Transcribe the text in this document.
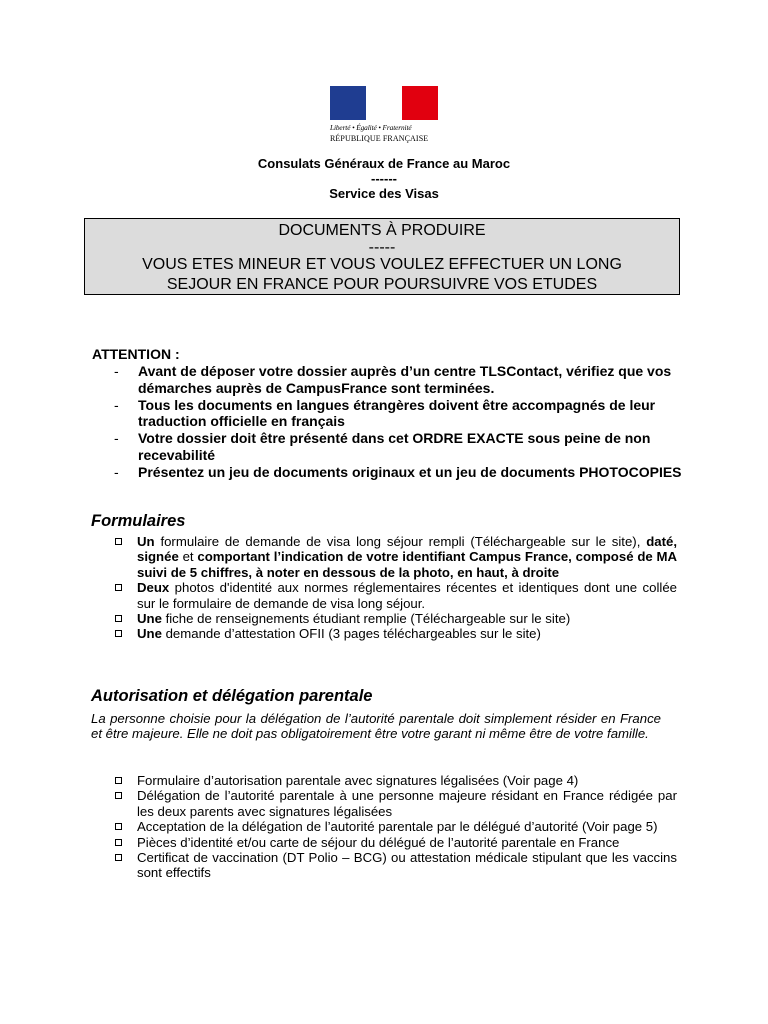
Liberté • Égalité • Fraternité
RÉPUBLIQUE FRANÇAISE
Consulats Généraux de France au Maroc
------
Service des Visas
DOCUMENTS À PRODUIRE
-----
VOUS ETES MINEUR ET VOUS VOULEZ EFFECTUER UN LONG
SEJOUR EN FRANCE POUR POURSUIVRE VOS ETUDES
ATTENTION :
- Avant de déposer votre dossier auprès d’un centre TLSContact, vérifiez que vos démarches auprès de CampusFrance sont terminées.
- Tous les documents en langues étrangères doivent être accompagnés de leur traduction officielle en français
- Votre dossier doit être présenté dans cet ORDRE EXACTE sous peine de non recevabilité
- Présentez un jeu de documents originaux et un jeu de documents PHOTOCOPIES
Formulaires
Un formulaire de demande de visa long séjour rempli (Téléchargeable sur le site), daté, signée et comportant l’indication de votre identifiant Campus France, composé de MA suivi de 5 chiffres, à noter en dessous de la photo, en haut, à droite
Deux photos d'identité aux normes réglementaires récentes et identiques dont une collée sur le formulaire de demande de visa long séjour.
Une fiche de renseignements étudiant remplie (Téléchargeable sur le site)
Une demande d’attestation OFII (3 pages téléchargeables sur le site)
Autorisation et délégation parentale
La personne choisie pour la délégation de l’autorité parentale doit simplement résider en France et être majeure. Elle ne doit pas obligatoirement être votre garant ni même être de votre famille.
Formulaire d’autorisation parentale avec signatures légalisées (Voir page 4)
Délégation de l’autorité parentale à une personne majeure résidant en France rédigée par les deux parents avec signatures légalisées
Acceptation de la délégation de l’autorité parentale par le délégué d’autorité (Voir page 5)
Pièces d’identité et/ou carte de séjour du délégué de l’autorité parentale en France
Certificat de vaccination (DT Polio – BCG) ou attestation médicale stipulant que les vaccins sont effectifs
